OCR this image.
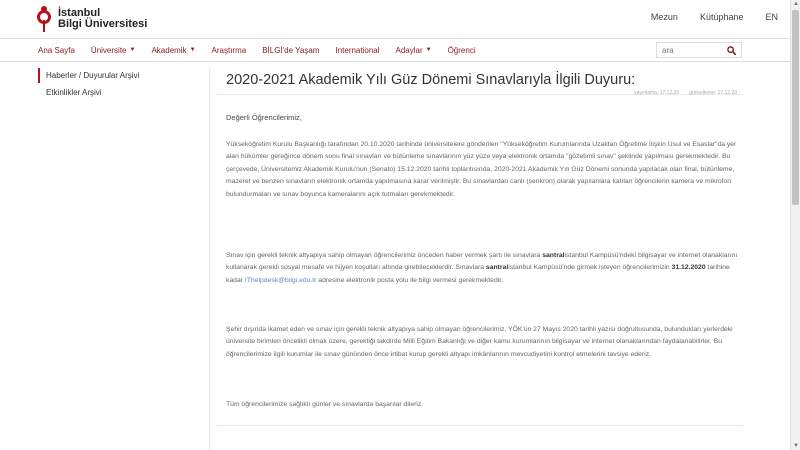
İstanbul
Bilgi Üniversitesi
Mezun Kütüphane EN
Ana Sayfa Üniversite ▼ Akademik ▼ Araştırma BİLGİ'de Yaşam International Adaylar ▼ Öğrenci
ara
Haberler / Duyurular Arşivi
Etkinlikler Arşivi
2020-2021 Akademik Yılı Güz Dönemi Sınavlarıyla İlgili Duyuru:
yayınlama: 17.12.20 güncelleme: 17.12.20
Değerli Öğrencilerimiz,

Yükseköğretim Kurulu Başkanlığı tarafından 20.10.2020 tarihinde üniversitelere gönderilen "Yükseköğretim Kurumlarında Uzaktan Öğretime İlişkin Usul ve Esaslar"da yer alan hükümler gereğince dönem sonu final sınavları ve bütünleme sınavlarının yüz yüze veya elektronik ortamda "gözetimli sınav" şeklinde yapılması gerekmektedir. Bu çerçevede, Üniversitemiz Akademik Kurulu'nun (Senato) 15.12.2020 tarihli toplantısında, 2020-2021 Akademik Yılı Güz Dönemi sonunda yapılacak olan final, bütünleme, mazeret ve benzeri sınavların elektronik ortamda yapılmasına karar verilmiştir. Bu sınavlardan canlı (senkron) olarak yapılanlara katılan öğrencilerin kamera ve mikrofon bulundurmaları ve sınav boyunca kameralarını açık tutmaları gerekmektedir.

Sınav için gerekli teknik altyapıya sahip olmayan öğrencilerimiz önceden haber vermek şartı ile sınavlara santralistanbul Kampüsü'ndeki bilgisayar ve internet olanaklarını kullanarak gerekli sosyal mesafe ve hijyen koşulları altında girebileceklerdir. Sınavlara santralistanbul Kampüsü'nde girmek isteyen öğrencilerimizin 31.12.2020 tarihine kadar IThelpdesk@bilgi.edu.tr adresine elektronik posta yolu ile bilgi vermesi gerekmektedir.

Şehir dışında ikamet eden ve sınav için gerekli teknik altyapıya sahip olmayan öğrencilerimiz, YÖK'ün 27 Mayıs 2020 tarihli yazısı doğrultusunda, bulundukları yerlerdeki üniversite birimleri öncelikli olmak üzere, gerektiği takdirde Milli Eğitim Bakanlığı ve diğer kamu kurumlarının bilgisayar ve internet olanaklarından faydalanabilirler. Bu öğrencilerimize ilgili kurumlar ile sınav gününden önce irtibat kurup gerekli altyapı imkânlarının mevcudiyetini kontrol etmelerini tavsiye ederiz.

Tüm öğrencilerimize sağlıklı günler ve sınavlarda başarılar dileriz.

▲
▼
